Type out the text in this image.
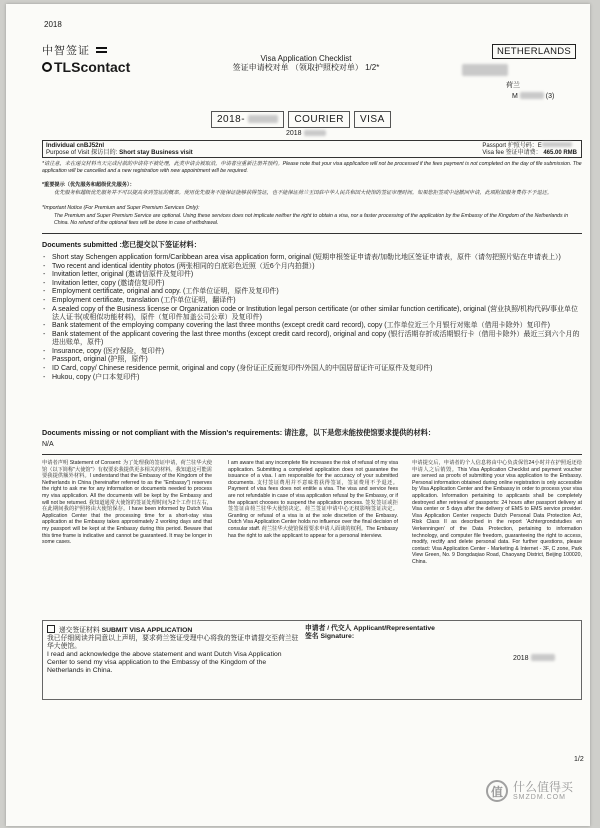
2018
中智签证
TLScontact
Visa Application Checklist
签证申请校对单 （领取护照校对单） 1/2*
NETHERLANDS
荷兰
M	(3)
2018-	COURIER	VISA
2018
Individual cnBJ52nl
Purpose of Visit 探访目的: Short stay Business visit
Passport 护照号码：E
Visa fee 签证申请费： 465.00 RMB
*请注意，未在递交材料当天完成付款的申请将不被处理，此类申请会被取消，申请者应重新注册并预约。Please note that your visa application will not be processed if the fees payment is not completed on the day of file submission. The application will be cancelled and a new registration with new appointment will be required.
*重要提示（优先服务和超级优先服务）：
优先服务和超级优先服务并不可以提高拿到签证的概率。使用优先服务不能保证能够获得签证，也不能保证荷兰王国驻中华人民共和国大使馆的签证审理时间。如果您拒签或中途撤回申请，此项附加服务费将不予退还。
*Important Notice (For Premium and Super Premium Services Only):
The Premium and Super Premium Service are optional. Using these services does not implicate neither the right to obtain a visa, nor a faster processing of the application by the Embassy of the Kingdom of the Netherlands in China. No refund of the optional fees will be done in case of withdrawal.
Documents submitted :您已提交以下签证材料：
- Short stay Schengen application form/Caribbean area visa application form, original (短期申根签证申请表/加勒比地区签证申请表，原件（请勿把照片贴在申请表上）)
- Two recent and identical identity photos (两张相同的白底彩色近照（近6个月内拍摄）)
- Invitation letter, original (邀请信原件及复印件)
- Invitation letter, copy (邀请信复印件)
- Employment certificate, original and copy. (工作单位证明，原件及复印件)
- Employment certificate, translation (工作单位证明，翻译件)
- A sealed copy of the Business license or Organization code or Institution legal person certificate (or other similar function certificate), original (营业执照/机构代码/事业单位法人证书(或相似功能材料)，原件（复印件加盖公司公章）及复印件)
- Bank statement of the employing company covering the last three months (except credit card record), copy (工作单位近三个月银行对账单（借用卡除外）复印件)
- Bank statement of the applicant covering the last three months (except credit card record), original and copy (银行活期存折或活期银行卡（借用卡除外）最近三到六个月的进出账单，原件)
- Insurance, copy (医疗保险，复印件)
- Passport, original (护照，原件)
- ID Card, copy/ Chinese residence permit, original and copy (身份证正反面复印件/外国人的中国居留证许可证原件及复印件)
- Hukou, copy (户口本复印件)
Documents missing or not compliant with the Mission's requirements: 请注意，以下是您未能按使馆要求提供的材料：
N/A
申请者声明 Statement of Consent: 为了处理我的签证申请，荷兰驻华大使馆（以下简称"大使馆"）有权要求我提供更多相关的材料。我知道这可能需要我提供额外材料。I understand that the Embassy of the Kingdom of the Netherlands in China (hereinafter referred to as the "Embassy") reserves the right to ask me for any information or documents needed to process my visa application. All the documents will be kept by the Embassy and will not be returned. 我知道通常大使馆的签证处理时间为2个工作日左右，在此期间我的护照将由大使馆保存。I have been informed by Dutch Visa Application Center that the processing time for a short-stay visa application at the Embassy takes approximately 2 working days and that my passport will be kept at the Embassy during this period. Beware that this time frame is indicative and cannot be guaranteed. It may be longer in some cases.
I am aware that any incomplete file increases the risk of refusal of my visa application. Submitting a completed application does not guarantee the issuance of a visa. I am responsible for the accuracy of your submitted documents. 支付签证费用并不意味着获得签证，签证费用不予退还。Payment of visa fees does not entitle a visa. The visa and service fees are not refundable in case of visa application refusal by the Embassy, or if the applicant chooses to suspend the application process. 签发签证或拒签签证由荷兰驻华大使馆决定。荷兰签证申请中心无权影响签证决定。Granting or refusal of a visa is at the sole discretion of the Embassy. Dutch Visa Application Center holds no influence over the final decision of consular staff. 荷兰驻华大使馆保留要求申请人面谈的权利。The Embassy has the right to ask the applicant to appear for a personal interview.
申请提交后，申请者的个人信息将由中心负责保管24小时并在护照返还给申请人之后销毁。This Visa Application Checklist and payment voucher are served as proofs of submitting your visa application to the Embassy. Personal information obtained during online registration is only accessible by Visa Application Center and the Embassy in order to process your visa application. Information pertaining to applicants shall be completely destroyed after retrieval of passports: 24 hours after passport delivery at Visa center or 5 days after the delivery of EMS to EMS service provider. Visa Application Center respects Dutch Personal Data Protection Act, Risk Class II as described in the report 'Achtergrondstudies en Verkenningen' of the Data Protection, pertaining to information technology, and computer file freedom, guaranteeing the right to access, modify, rectify and delete personal data. For further questions, please contact: Visa Application Center - Marketing & Internet - 3F, C zone, Park View Green, No. 9 Dongdaqiao Road, Chaoyang District, Beijing 100020, China.
递交签证材料 SUBMIT VISA APPLICATION
我已仔细阅读并同意以上声明，要求荷兰签证受理中心将我的签证申请提交至荷兰驻华大使馆。
I read and acknowledge the above statement and want Dutch Visa Application Center to send my visa application to the Embassy of the Kingdom of the Netherlands in China.
申请者 / 代交人 Applicant/Representative
签名 Signature:
2018
1/2
值 什么值得买
SMZDM.COM
